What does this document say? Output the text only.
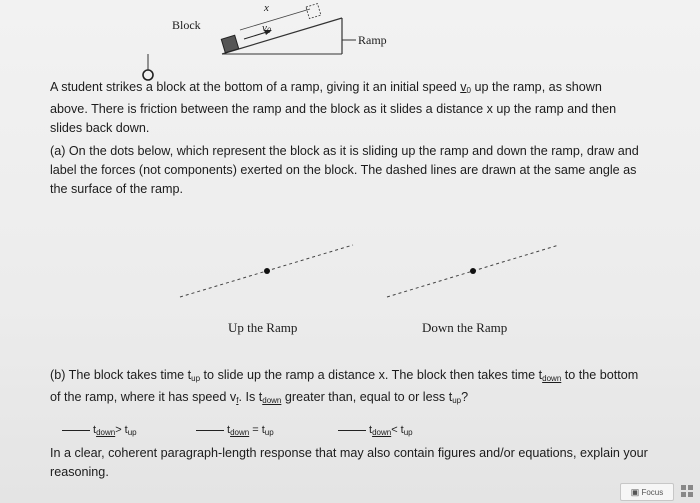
Block
Ramp
x
$v_0$
A student strikes a block at the bottom of a ramp, giving it an initial speed $v_0$ up the ramp, as shown above. There is friction between the ramp and the block as it slides a distance x up the ramp and then slides back down.
(a) On the dots below, which represent the block as it is sliding up the ramp and down the ramp, draw and label the forces (not components) exerted on the block. The dashed lines are drawn at the same angle as the surface of the ramp.
Up the Ramp	Down the Ramp
(b) The block takes time $t_{up}$ to slide up the ramp a distance x. The block then takes time $t_{down}$ to the bottom of the ramp, where it has speed $v_f$. Is $t_{down}$ greater than, equal to or less $t_{up}$?
$t_{down}> t_{up}$	$t_{down} = t_{up}$	$t_{down}< t_{up}$
In a clear, coherent paragraph-length response that may also contain figures and/or equations, explain your reasoning.
▣ Focus
